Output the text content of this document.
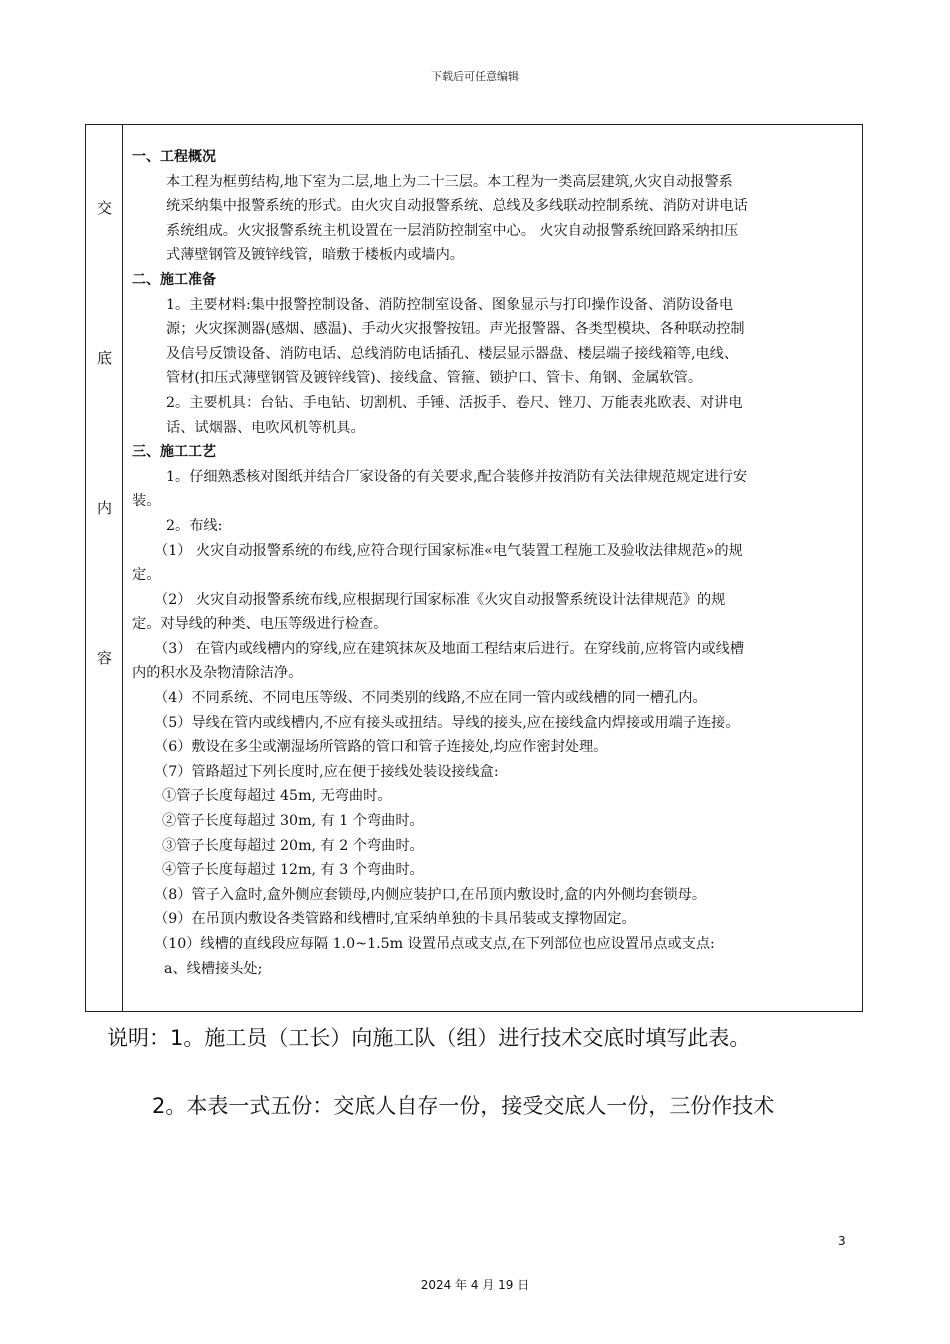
下载后可任意编辑
交
底
内
容

一、工程概况

本工程为框剪结构,地下室为二层,地上为二十三层。本工程为一类高层建筑,火灾自动报警系

统采纳集中报警系统的形式。由火灾自动报警系统、总线及多线联动控制系统、消防对讲电话

系统组成。火灾报警系统主机设置在一层消防控制室中心。 火灾自动报警系统回路采纳扣压

式薄壁钢管及镀锌线管，暗敷于楼板内或墙内。

二、施工准备

1。主要材料:集中报警控制设备、消防控制室设备、图象显示与打印操作设备、消防设备电

源；火灾探测器(感烟、感温)、手动火灾报警按钮。声光报警器、各类型模块、各种联动控制

及信号反馈设备、消防电话、总线消防电话插孔、楼层显示器盘、楼层端子接线箱等,电线、

管材(扣压式薄壁钢管及镀锌线管)、接线盒、管箍、锁护口、管卡、角钢、金属软管。

2。主要机具：台钻、手电钻、切割机、手锤、活扳手、卷尺、锉刀、万能表兆欧表、对讲电

话、试烟器、电吹风机等机具。

三、施工工艺

1。仔细熟悉核对图纸并结合厂家设备的有关要求,配合装修并按消防有关法律规范规定进行安

装。

2。布线:

（1） 火灾自动报警系统的布线,应符合现行国家标准«电气装置工程施工及验收法律规范»的规

定。

（2） 火灾自动报警系统布线,应根据现行国家标准《火灾自动报警系统设计法律规范》的规

定。对导线的种类、电压等级进行检查。

（3） 在管内或线槽内的穿线,应在建筑抹灰及地面工程结束后进行。在穿线前,应将管内或线槽

内的积水及杂物清除洁净。

（4）不同系统、不同电压等级、不同类别的线路,不应在同一管内或线槽的同一槽孔内。

（5）导线在管内或线槽内,不应有接头或扭结。导线的接头,应在接线盒内焊接或用端子连接。

（6）敷设在多尘或潮湿场所管路的管口和管子连接处,均应作密封处理。

（7）管路超过下列长度时,应在便于接线处装设接线盒:

①管子长度每超过 45m, 无弯曲时。

②管子长度每超过 30m, 有 1 个弯曲时。

③管子长度每超过 20m, 有 2 个弯曲时。

④管子长度每超过 12m, 有 3 个弯曲时。

（8）管子入盒时,盒外侧应套锁母,内侧应装护口,在吊顶内敷设时,盒的内外侧均套锁母。

（9）在吊顶内敷设各类管路和线槽时,宜采纳单独的卡具吊装或支撑物固定。

（10）线槽的直线段应每隔 1.0~1.5m 设置吊点或支点,在下列部位也应设置吊点或支点:

a、线槽接头处;

说明：1。施工员（工长）向施工队（组）进行技术交底时填写此表。
2。本表一式五份：交底人自存一份，接受交底人一份，三份作技术
3
2024 年 4 月 19 日
